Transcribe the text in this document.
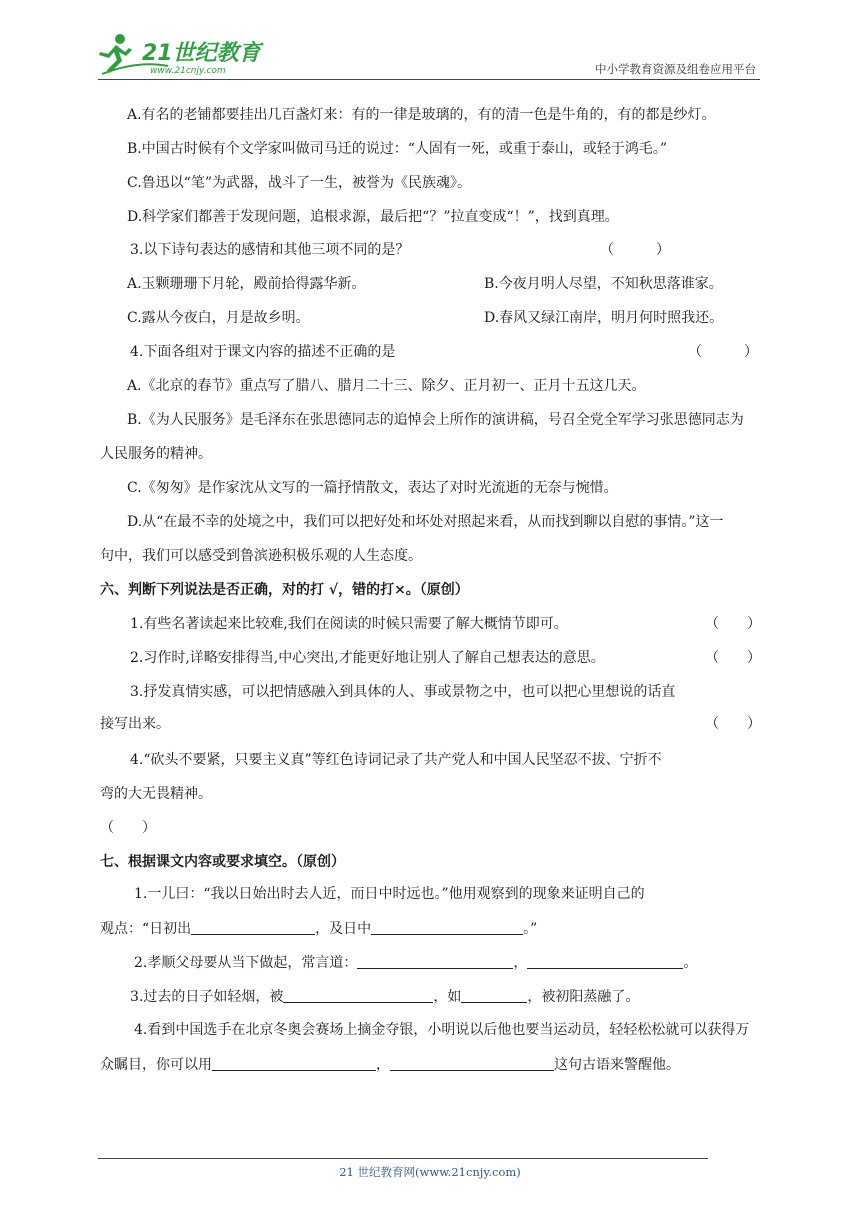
21世纪教育
www.21cnjy.com	中小学教育资源及组卷应用平台
A.有名的老铺都要挂出几百盏灯来：有的一律是玻璃的，有的清一色是牛角的，有的都是纱灯。
B.中国古时候有个文学家叫做司马迁的说过：“人固有一死，或重于泰山，或轻于鸿毛。”
C.鲁迅以“笔”为武器，战斗了一生，被誉为《民族魂》。
D.科学家们都善于发现问题，追根求源，最后把“？”拉直变成“！”，找到真理。
3.以下诗句表达的感情和其他三项不同的是？	（　　　）
A.玉颗珊珊下月轮，殿前拾得露华新。	B.今夜月明人尽望，不知秋思落谁家。
C.露从今夜白，月是故乡明。	D.春风又绿江南岸，明月何时照我还。
4.下面各组对于课文内容的描述不正确的是	（　　　）
A.《北京的春节》重点写了腊八、腊月二十三、除夕、正月初一、正月十五这几天。
B.《为人民服务》是毛泽东在张思德同志的追悼会上所作的演讲稿，号召全党全军学习张思德同志为
人民服务的精神。
C.《匆匆》是作家沈从文写的一篇抒情散文，表达了对时光流逝的无奈与惋惜。
D.从“在最不幸的处境之中，我们可以把好处和坏处对照起来看，从而找到聊以自慰的事情。”这一
句中，我们可以感受到鲁滨逊积极乐观的人生态度。
六、判断下列说法是否正确，对的打 √，错的打×。（原创）
1.有些名著读起来比较难,我们在阅读的时候只需要了解大概情节即可。	（　　）
2.习作时,详略安排得当,中心突出,才能更好地让别人了解自己想表达的意思。	（　　）
3.抒发真情实感，可以把情感融入到具体的人、事或景物之中，也可以把心里想说的话直
接写出来。	（　　）
4.“砍头不要紧，只要主义真”等红色诗词记录了共产党人和中国人民坚忍不拔、宁折不
弯的大无畏精神。
（　　）
七、根据课文内容或要求填空。（原创）
1.一儿曰：“我以日始出时去人近，而日中时远也。”他用观察到的现象来证明自己的
观点：“日初出	，及日中	。”
2.孝顺父母要从当下做起，常言道：	，	。
3.过去的日子如轻烟，被	，如	，被初阳蒸融了。
4.看到中国选手在北京冬奥会赛场上摘金夺银，小明说以后他也要当运动员，轻轻松松就可以获得万
众瞩目，你可以用	，	这句古语来警醒他。
21 世纪教育网(www.21cnjy.com)
